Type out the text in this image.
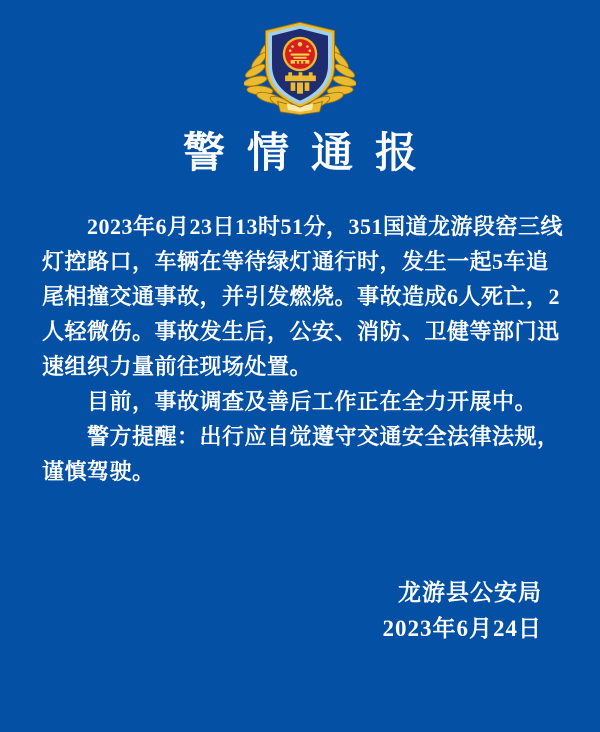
警情通报
　　2023年6月23日13时51分，351国道龙游段窑三线
灯控路口，车辆在等待绿灯通行时，发生一起5车追
尾相撞交通事故，并引发燃烧。事故造成6人死亡，2
人轻微伤。事故发生后，公安、消防、卫健等部门迅
速组织力量前往现场处置。
　　目前，事故调查及善后工作正在全力开展中。
　　警方提醒：出行应自觉遵守交通安全法律法规，
谨慎驾驶。
龙游县公安局
2023年6月24日
